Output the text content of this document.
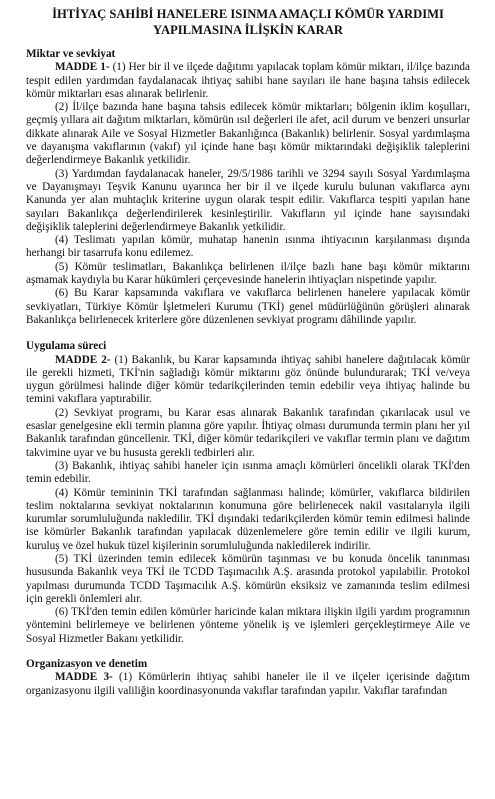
İHTİYAÇ SAHİBİ HANELERE ISINMA AMAÇLI KÖMÜR YARDIMI
YAPILMASINA İLİŞKİN KARAR
Miktar ve sevkiyat

MADDE 1- (1) Her bir il ve ilçede dağıtımı yapılacak toplam kömür miktarı, il/ilçe bazında tespit edilen yardımdan faydalanacak ihtiyaç sahibi hane sayıları ile hane başına tahsis edilecek kömür miktarları esas alınarak belirlenir.

(2) İl/ilçe bazında hane başına tahsis edilecek kömür miktarları; bölgenin iklim koşulları, geçmiş yıllara ait dağıtım miktarları, kömürün ısıl değerleri ile afet, acil durum ve benzeri unsurlar dikkate alınarak Aile ve Sosyal Hizmetler Bakanlığınca (Bakanlık) belirlenir. Sosyal yardımlaşma ve dayanışma vakıflarının (vakıf) yıl içinde hane başı kömür miktarındaki değişiklik taleplerini değerlendirmeye Bakanlık yetkilidir.

(3) Yardımdan faydalanacak haneler, 29/5/1986 tarihli ve 3294 sayılı Sosyal Yardımlaşma ve Dayanışmayı Teşvik Kanunu uyarınca her bir il ve ilçede kurulu bulunan vakıflarca aynı Kanunda yer alan muhtaçlık kriterine uygun olarak tespit edilir. Vakıflarca tespiti yapılan hane sayıları Bakanlıkça değerlendirilerek kesinleştirilir. Vakıfların yıl içinde hane sayısındaki değişiklik taleplerini değerlendirmeye Bakanlık yetkilidir.

(4) Teslimatı yapılan kömür, muhatap hanenin ısınma ihtiyacının karşılanması dışında herhangi bir tasarrufa konu edilemez.

(5) Kömür teslimatları, Bakanlıkça belirlenen il/ilçe bazlı hane başı kömür miktarını aşmamak kaydıyla bu Karar hükümleri çerçevesinde hanelerin ihtiyaçları nispetinde yapılır.

(6) Bu Karar kapsamında vakıflara ve vakıflarca belirlenen hanelere yapılacak kömür sevkiyatları, Türkiye Kömür İşletmeleri Kurumu (TKİ) genel müdürlüğünün görüşleri alınarak Bakanlıkça belirlenecek kriterlere göre düzenlenen sevkiyat programı dâhilinde yapılır.

Uygulama süreci

MADDE 2- (1) Bakanlık, bu Karar kapsamında ihtiyaç sahibi hanelere dağıtılacak kömür ile gerekli hizmeti, TKİ'nin sağladığı kömür miktarını göz önünde bulundurarak; TKİ ve/veya uygun görülmesi halinde diğer kömür tedarikçilerinden temin edebilir veya ihtiyaç halinde bu temini vakıflara yaptırabilir.

(2) Sevkiyat programı, bu Karar esas alınarak Bakanlık tarafından çıkarılacak usul ve esaslar genelgesine ekli termin planına göre yapılır. İhtiyaç olması durumunda termin planı her yıl Bakanlık tarafından güncellenir. TKİ, diğer kömür tedarikçileri ve vakıflar termin planı ve dağıtım takvimine uyar ve bu hususta gerekli tedbirleri alır.

(3) Bakanlık, ihtiyaç sahibi haneler için ısınma amaçlı kömürleri öncelikli olarak TKİ'den temin edebilir.

(4) Kömür temininin TKİ tarafından sağlanması halinde; kömürler, vakıflarca bildirilen teslim noktalarına sevkiyat noktalarının konumuna göre belirlenecek nakil vasıtalarıyla ilgili kurumlar sorumluluğunda nakledilir. TKİ dışındaki tedarikçilerden kömür temin edilmesi halinde ise kömürler Bakanlık tarafından yapılacak düzenlemelere göre temin edilir ve ilgili kurum, kuruluş ve özel hukuk tüzel kişilerinin sorumluluğunda nakledilerek indirilir.

(5) TKİ üzerinden temin edilecek kömürün taşınması ve bu konuda öncelik tanınması hususunda Bakanlık veya TKİ ile TCDD Taşımacılık A.Ş. arasında protokol yapılabilir. Protokol yapılması durumunda TCDD Taşımacılık A.Ş. kömürün eksiksiz ve zamanında teslim edilmesi için gerekli önlemleri alır.

(6) TKİ'den temin edilen kömürler haricinde kalan miktara ilişkin ilgili yardım programının yöntemini belirlemeye ve belirlenen yönteme yönelik iş ve işlemleri gerçekleştirmeye Aile ve Sosyal Hizmetler Bakanı yetkilidir.

Organizasyon ve denetim

MADDE 3- (1) Kömürlerin ihtiyaç sahibi haneler ile il ve ilçeler içerisinde dağıtım organizasyonu ilgili valiliğin koordinasyonunda vakıflar tarafından yapılır. Vakıflar tarafından
